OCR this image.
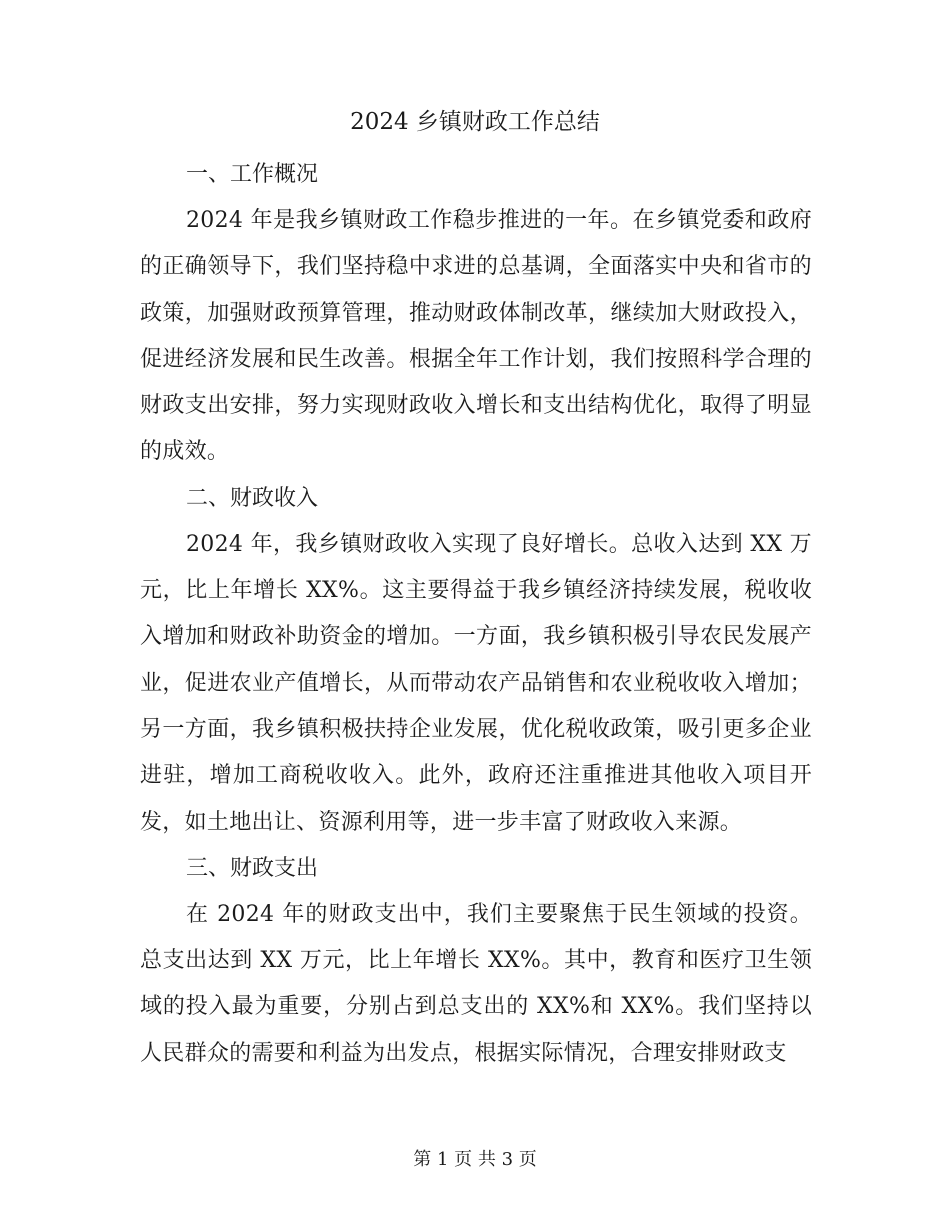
2024 乡镇财政工作总结
一、工作概况

2024 年是我乡镇财政工作稳步推进的一年。在乡镇党委和政府的正确领导下，我们坚持稳中求进的总基调，全面落实中央和省市的政策，加强财政预算管理，推动财政体制改革，继续加大财政投入，促进经济发展和民生改善。根据全年工作计划，我们按照科学合理的财政支出安排，努力实现财政收入增长和支出结构优化，取得了明显的成效。

二、财政收入

2024 年，我乡镇财政收入实现了良好增长。总收入达到 XX 万元，比上年增长 XX%。这主要得益于我乡镇经济持续发展，税收收入增加和财政补助资金的增加。一方面，我乡镇积极引导农民发展产业，促进农业产值增长，从而带动农产品销售和农业税收收入增加；另一方面，我乡镇积极扶持企业发展，优化税收政策，吸引更多企业进驻，增加工商税收收入。此外，政府还注重推进其他收入项目开发，如土地出让、资源利用等，进一步丰富了财政收入来源。

三、财政支出

在 2024 年的财政支出中，我们主要聚焦于民生领域的投资。总支出达到 XX 万元，比上年增长 XX%。其中，教育和医疗卫生领域的投入最为重要，分别占到总支出的 XX%和 XX%。我们坚持以人民群众的需要和利益为出发点，根据实际情况，合理安排财政支

第 1 页 共 3 页
